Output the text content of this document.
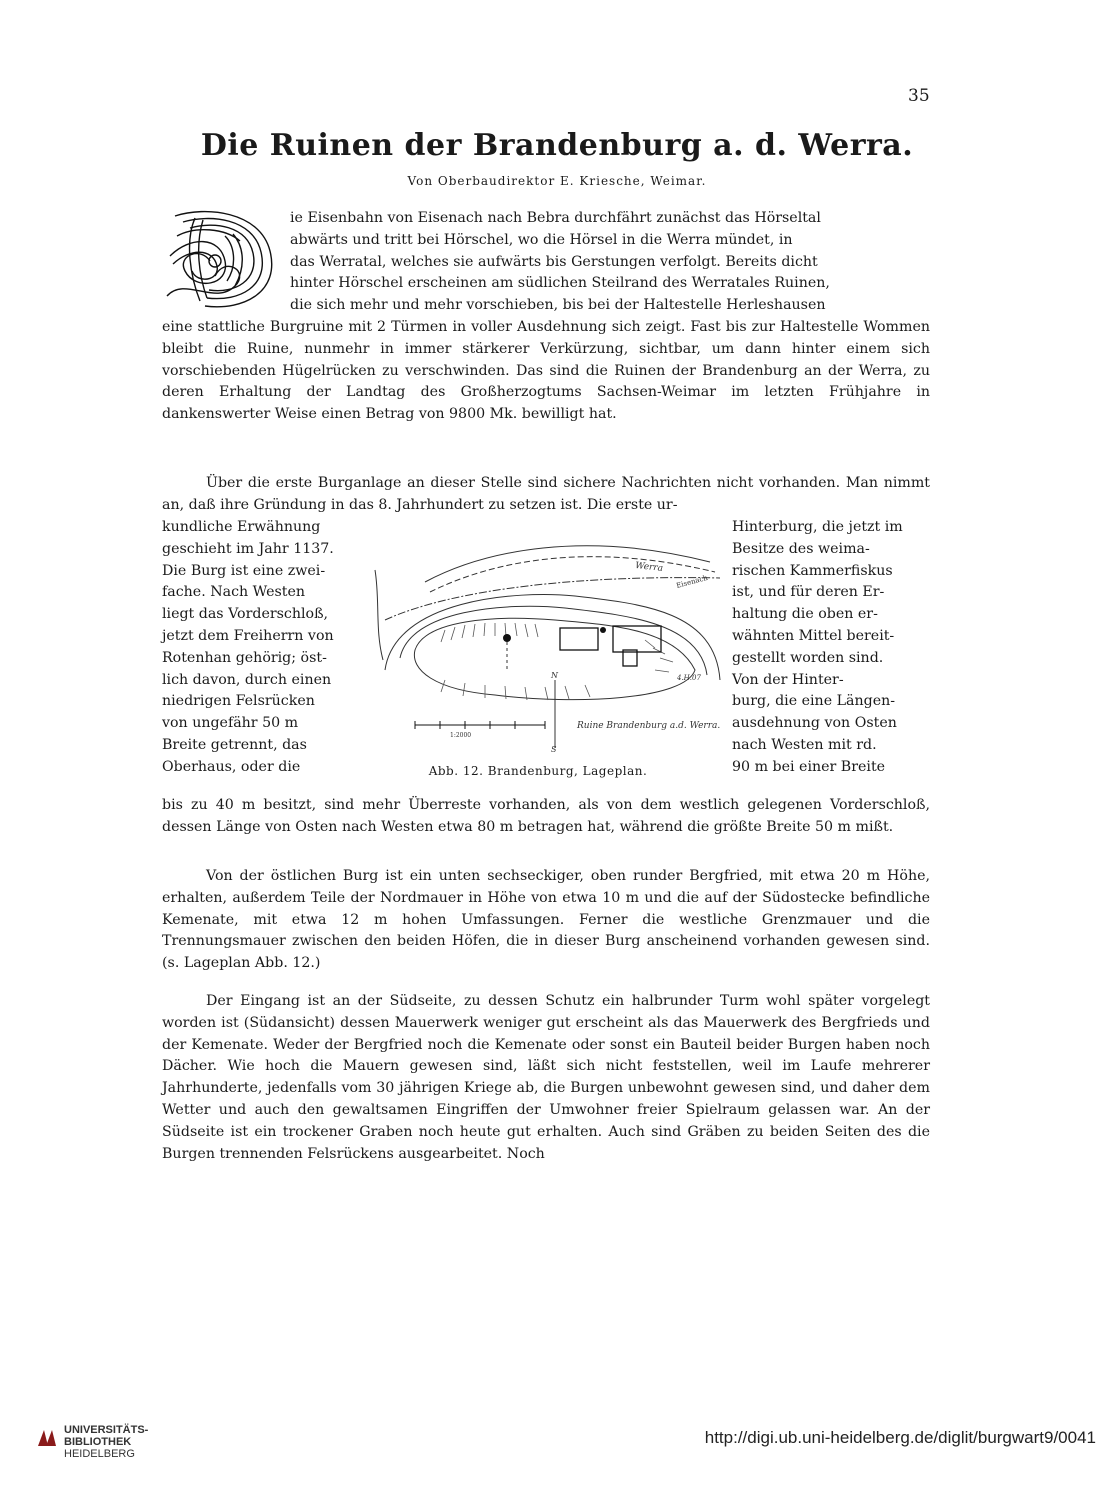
35
Die Ruinen der Brandenburg a. d. Werra.
Von Oberbaudirektor E. Kriesche, Weimar.
ie Eisenbahn von Eisenach nach Bebra durchfährt zunächst das Hörseltal
abwärts und tritt bei Hörschel, wo die Hörsel in die Werra mündet, in
das Werratal, welches sie aufwärts bis Gerstungen verfolgt. Bereits dicht
hinter Hörschel erscheinen am südlichen Steilrand des Werratales Ruinen,
die sich mehr und mehr vorschieben, bis bei der Haltestelle Herleshausen

eine stattliche Burgruine mit 2 Türmen in voller Ausdehnung sich zeigt. Fast bis zur Haltestelle Wommen bleibt die Ruine, nunmehr in immer stärkerer Verkürzung, sichtbar, um dann hinter einem sich vorschiebenden Hügelrücken zu verschwinden. Das sind die Ruinen der Brandenburg an der Werra, zu deren Erhaltung der Landtag des Großherzogtums Sachsen-Weimar im letzten Frühjahre in dankenswerter Weise einen Betrag von 9800 Mk. bewilligt hat.

Über die erste Burganlage an dieser Stelle sind sichere Nachrichten nicht vorhanden. Man nimmt an, daß ihre Gründung in das 8. Jahrhundert zu setzen ist. Die erste ur-

kundliche Erwähnung
geschieht im Jahr 1137.
Die Burg ist eine zwei-
fache. Nach Westen
liegt das Vorderschloß,
jetzt dem Freiherrn von
Rotenhan gehörig; öst-
lich davon, durch einen
niedrigen Felsrücken
von ungefähr 50 m
Breite getrennt, das
Oberhaus, oder die
Hinterburg, die jetzt im
Besitze des weima-
rischen Kammerfiskus
ist, und für deren Er-
haltung die oben er-
wähnten Mittel bereit-
gestellt worden sind.
Von der Hinter-
burg, die eine Längen-
ausdehnung von Osten
nach Westen mit rd.
90 m bei einer Breite
Werra
Eisenach
N
S
4.H.07
1:2000
Ruine Brandenburg a.d. Werra.
Abb. 12. Brandenburg, Lageplan.

bis zu 40 m besitzt, sind mehr Überreste vorhanden, als von dem westlich gelegenen Vorderschloß, dessen Länge von Osten nach Westen etwa 80 m betragen hat, während die größte Breite 50 m mißt.

Von der östlichen Burg ist ein unten sechseckiger, oben runder Bergfried, mit etwa 20 m Höhe, erhalten, außerdem Teile der Nordmauer in Höhe von etwa 10 m und die auf der Südostecke befindliche Kemenate, mit etwa 12 m hohen Umfassungen. Ferner die westliche Grenzmauer und die Trennungsmauer zwischen den beiden Höfen, die in dieser Burg anscheinend vorhanden gewesen sind. (s. Lageplan Abb. 12.)

Der Eingang ist an der Südseite, zu dessen Schutz ein halbrunder Turm wohl später vorgelegt worden ist (Südansicht) dessen Mauerwerk weniger gut erscheint als das Mauerwerk des Bergfrieds und der Kemenate. Weder der Bergfried noch die Kemenate oder sonst ein Bauteil beider Burgen haben noch Dächer. Wie hoch die Mauern gewesen sind, läßt sich nicht feststellen, weil im Laufe mehrerer Jahrhunderte, jedenfalls vom 30 jährigen Kriege ab, die Burgen unbewohnt gewesen sind, und daher dem Wetter und auch den gewaltsamen Eingriffen der Umwohner freier Spielraum gelassen war. An der Südseite ist ein trockener Graben noch heute gut erhalten. Auch sind Gräben zu beiden Seiten des die Burgen trennenden Felsrückens ausgearbeitet. Noch

UNIVERSITÄTS-
BIBLIOTHEK
HEIDELBERG
http://digi.ub.uni-heidelberg.de/diglit/burgwart9/0041
